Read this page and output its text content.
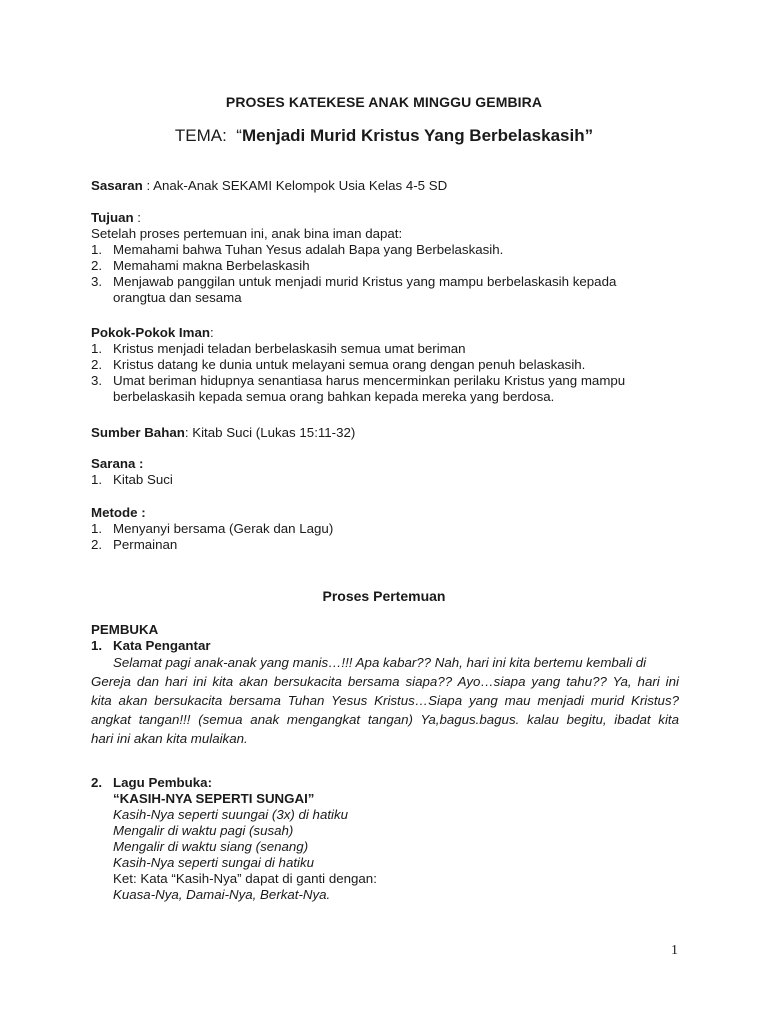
PROSES KATEKESE ANAK MINGGU GEMBIRA
TEMA: “Menjadi Murid Kristus Yang Berbelaskasih”
Sasaran : Anak-Anak SEKAMI Kelompok Usia Kelas 4-5 SD
Tujuan :
Setelah proses pertemuan ini, anak bina iman dapat:
1. Memahami bahwa Tuhan Yesus adalah Bapa yang Berbelaskasih.
2. Memahami makna Berbelaskasih
3. Menjawab panggilan untuk menjadi murid Kristus yang mampu berbelaskasih kepada
orangtua dan sesama
Pokok-Pokok Iman:
1. Kristus menjadi teladan berbelaskasih semua umat beriman
2. Kristus datang ke dunia untuk melayani semua orang dengan penuh belaskasih.
3. Umat beriman hidupnya senantiasa harus mencerminkan perilaku Kristus yang mampu
berbelaskasih kepada semua orang bahkan kepada mereka yang berdosa.
Sumber Bahan: Kitab Suci (Lukas 15:11-32)
Sarana :
1. Kitab Suci
Metode :
1. Menyanyi bersama (Gerak dan Lagu)
2. Permainan
Proses Pertemuan
PEMBUKA
1. Kata Pengantar
Selamat pagi anak-anak yang manis…!!! Apa kabar?? Nah, hari ini kita bertemu kembali di
Gereja dan hari ini kita akan bersukacita bersama siapa?? Ayo…siapa yang tahu?? Ya, hari ini
kita akan bersukacita bersama Tuhan Yesus Kristus…Siapa yang mau menjadi murid Kristus?
angkat tangan!!! (semua anak mengangkat tangan) Ya,bagus.bagus. kalau begitu, ibadat kita
hari ini akan kita mulaikan.
2. Lagu Pembuka:
“KASIH-NYA SEPERTI SUNGAI”
Kasih-Nya seperti suungai (3x) di hatiku
Mengalir di waktu pagi (susah)
Mengalir di waktu siang (senang)
Kasih-Nya seperti sungai di hatiku
Ket: Kata “Kasih-Nya” dapat di ganti dengan:
Kuasa-Nya, Damai-Nya, Berkat-Nya.
1
